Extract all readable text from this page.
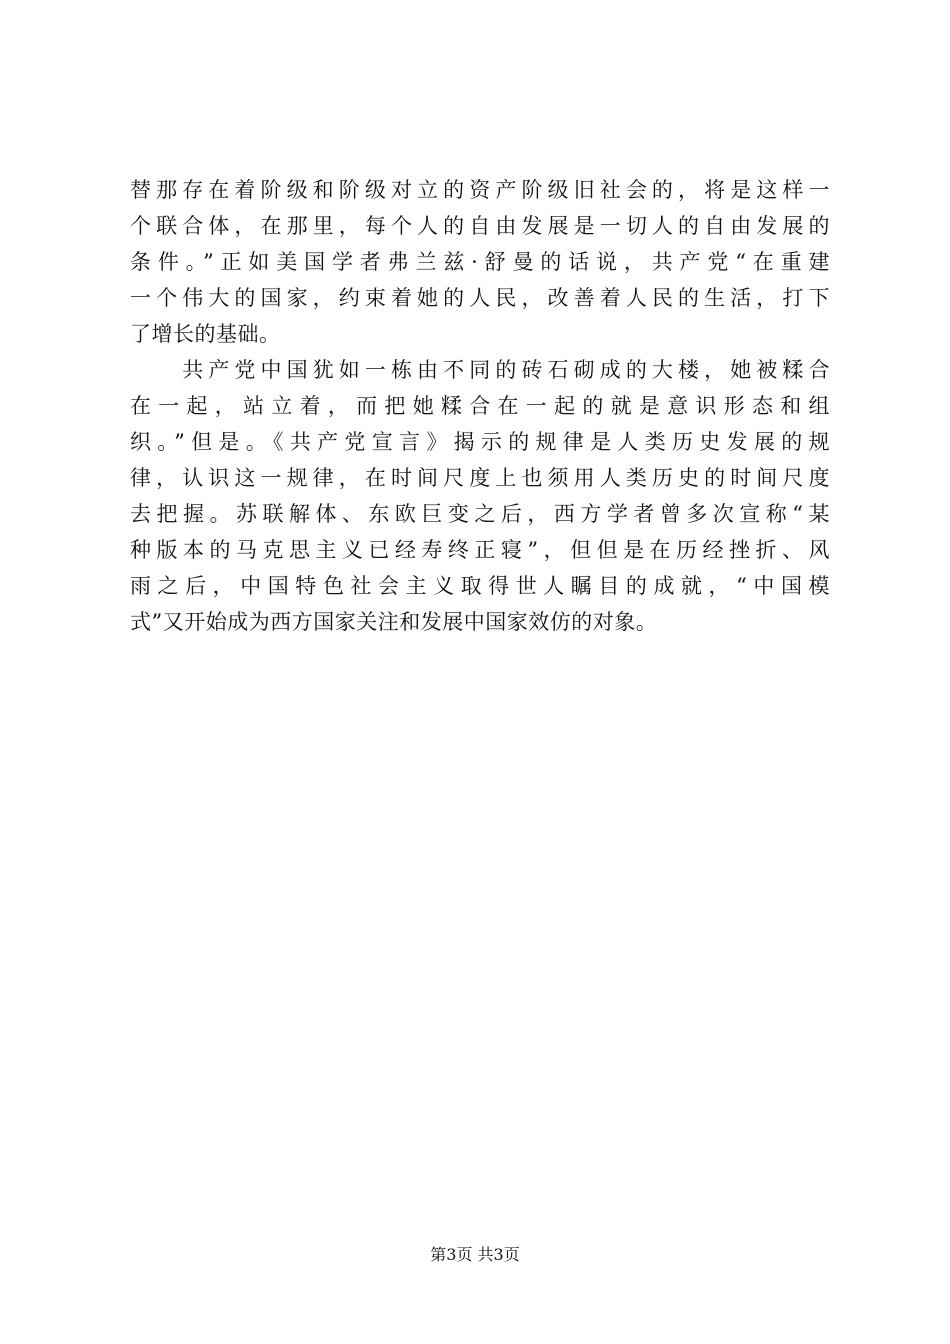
替那存在着阶级和阶级对立的资产阶级旧社会的，将是这样一
个联合体，在那里，每个人的自由发展是一切人的自由发展的
条件。”正如美国学者弗兰兹·舒曼的话说，共产党“在重建
一个伟大的国家，约束着她的人民，改善着人民的生活，打下
了增长的基础。
　　共产党中国犹如一栋由不同的砖石砌成的大楼，她被糅合
在一起，站立着，而把她糅合在一起的就是意识形态和组
织。”但是。《共产党宣言》揭示的规律是人类历史发展的规
律，认识这一规律，在时间尺度上也须用人类历史的时间尺度
去把握。苏联解体、东欧巨变之后，西方学者曾多次宣称“某
种版本的马克思主义已经寿终正寝”，但但是在历经挫折、风
雨之后，中国特色社会主义取得世人瞩目的成就，“中国模
式”又开始成为西方国家关注和发展中国家效仿的对象。
第3页 共3页
